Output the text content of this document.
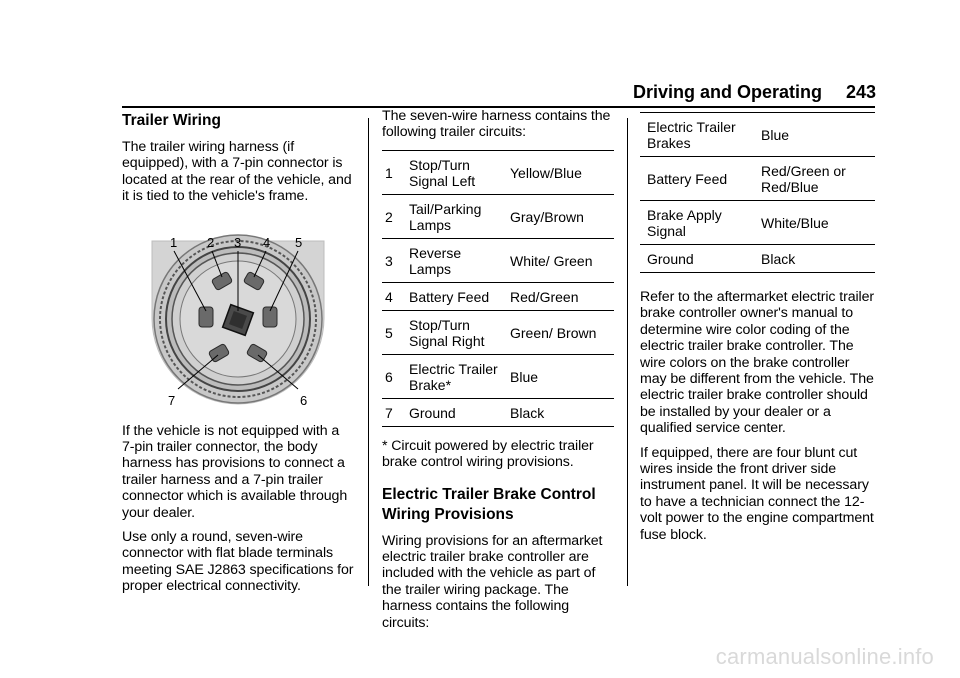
Driving and Operating 243
Trailer Wiring

The trailer wiring harness (if equipped), with a 7-pin connector is located at the rear of the vehicle, and it is tied to the vehicle's frame.

1 2 3 4 5
6
7

If the vehicle is not equipped with a 7-pin trailer connector, the body harness has provisions to connect a trailer harness and a 7-pin trailer connector which is available through your dealer.

Use only a round, seven-wire connector with flat blade terminals meeting SAE J2863 specifications for proper electrical connectivity.

The seven-wire harness contains the following trailer circuits:

1	Stop/Turn Signal Left	Yellow/Blue
2	Tail/Parking Lamps	Gray/Brown
3	Reverse Lamps	White/ Green
4	Battery Feed	Red/Green
5	Stop/Turn Signal Right	Green/ Brown
6	Electric Trailer Brake*	Blue
7	Ground	Black

* Circuit powered by electric trailer brake control wiring provisions.

Electric Trailer Brake Control Wiring Provisions

Wiring provisions for an aftermarket electric trailer brake controller are included with the vehicle as part of the trailer wiring package. The harness contains the following circuits:

Electric Trailer Brakes	Blue
Battery Feed	Red/Green or Red/Blue
Brake Apply Signal	White/Blue
Ground	Black

Refer to the aftermarket electric trailer brake controller owner's manual to determine wire color coding of the electric trailer brake controller. The wire colors on the brake controller may be different from the vehicle. The electric trailer brake controller should be installed by your dealer or a qualified service center.

If equipped, there are four blunt cut wires inside the front driver side instrument panel. It will be necessary to have a technician connect the 12-volt power to the engine compartment fuse block.

carmanualsonline.info
